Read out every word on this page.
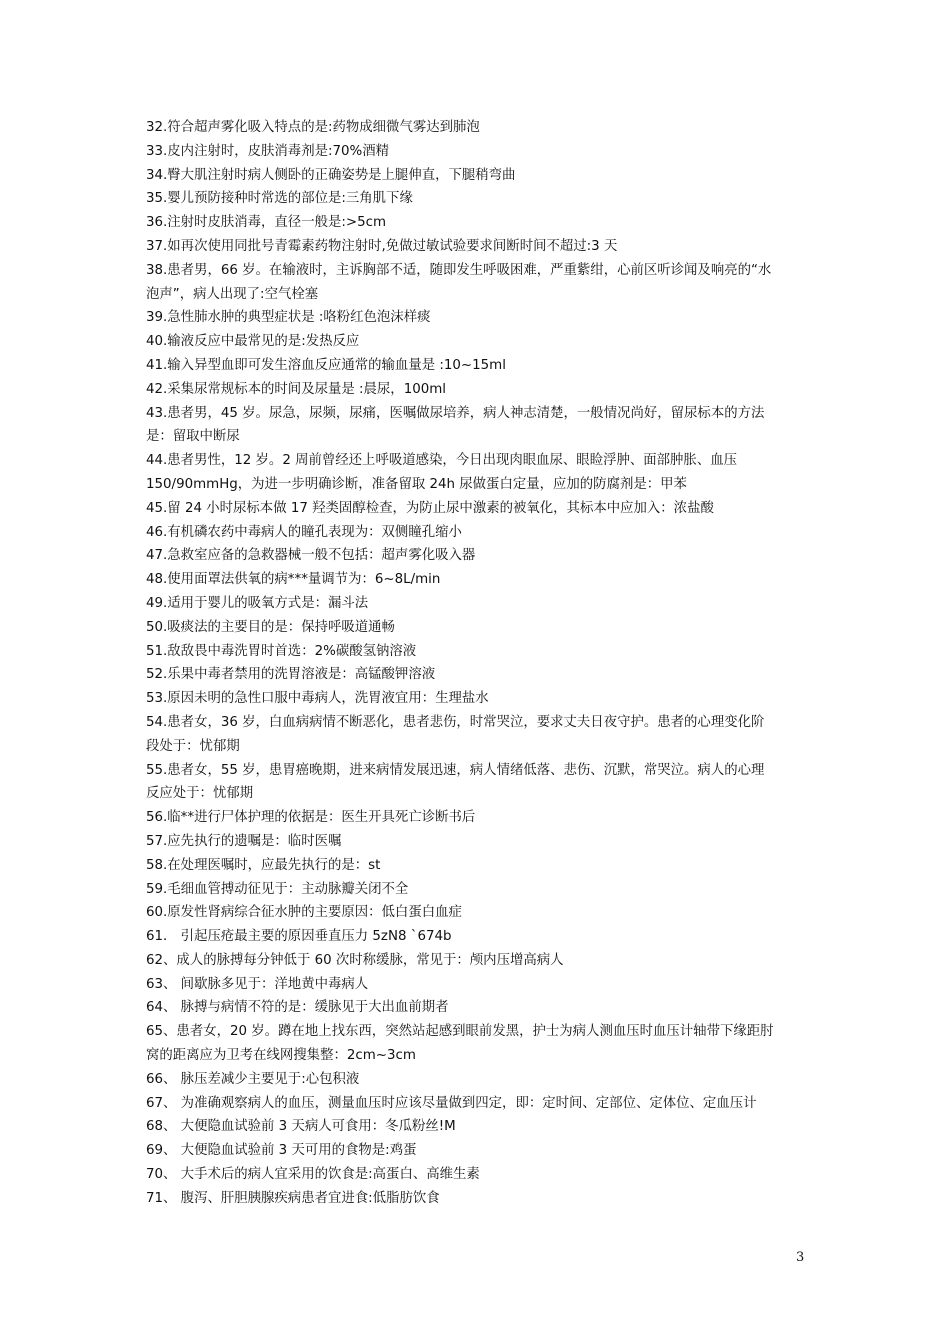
32.符合超声雾化吸入特点的是:药物成细微气雾达到肺泡

33.皮内注射时，皮肤消毒剂是:70%酒精

34.臀大肌注射时病人侧卧的正确姿势是上腿伸直，下腿稍弯曲

35.婴儿预防接种时常选的部位是:三角肌下缘

36.注射时皮肤消毒，直径一般是:>5cm

37.如再次使用同批号青霉素药物注射时,免做过敏试验要求间断时间不超过:3 天

38.患者男，66 岁。在输液时，主诉胸部不适，随即发生呼吸困难，严重紫绀，心前区听诊闻及响亮的“水

泡声”，病人出现了:空气栓塞

39.急性肺水肿的典型症状是 :咯粉红色泡沫样痰

40.输液反应中最常见的是:发热反应

41.输入异型血即可发生溶血反应通常的输血量是 :10~15ml

42.采集尿常规标本的时间及尿量是 :晨尿，100ml

43.患者男，45 岁。尿急，尿频，尿痛，医嘱做尿培养，病人神志清楚，一般情况尚好，留尿标本的方法

是：留取中断尿

44.患者男性，12 岁。2 周前曾经还上呼吸道感染，今日出现肉眼血尿、眼睑浮肿、面部肿胀、血压

150/90mmHg，为进一步明确诊断，准备留取 24h 尿做蛋白定量，应加的防腐剂是：甲苯

45.留 24 小时尿标本做 17 羟类固醇检查，为防止尿中激素的被氧化，其标本中应加入：浓盐酸

46.有机磷农药中毒病人的瞳孔表现为：双侧瞳孔缩小

47.急救室应备的急救器械一般不包括：超声雾化吸入器

48.使用面罩法供氧的病***量调节为：6~8L/min

49.适用于婴儿的吸氧方式是：漏斗法

50.吸痰法的主要目的是：保持呼吸道通畅

51.敌敌畏中毒洗胃时首选：2%碳酸氢钠溶液

52.乐果中毒者禁用的洗胃溶液是：高锰酸钾溶液

53.原因未明的急性口服中毒病人，洗胃液宜用：生理盐水

54.患者女，36 岁，白血病病情不断恶化，患者悲伤，时常哭泣，要求丈夫日夜守护。患者的心理变化阶

段处于：忧郁期

55.患者女，55 岁，患胃癌晚期，进来病情发展迅速，病人情绪低落、悲伤、沉默，常哭泣。病人的心理

反应处于：忧郁期

56.临**进行尸体护理的依据是：医生开具死亡诊断书后

57.应先执行的遗嘱是：临时医嘱

58.在处理医嘱时，应最先执行的是：st

59.毛细血管搏动征见于：主动脉瓣关闭不全

60.原发性肾病综合征水肿的主要原因：低白蛋白血症

61． 引起压疮最主要的原因垂直压力 5zN8 `674b

62、成人的脉搏每分钟低于 60 次时称缓脉，常见于：颅内压增高病人

63、 间歇脉多见于：洋地黄中毒病人

64、 脉搏与病情不符的是：缓脉见于大出血前期者

65、患者女，20 岁。蹲在地上找东西，突然站起感到眼前发黑，护士为病人测血压时血压计轴带下缘距肘

窝的距离应为卫考在线网搜集整：2cm~3cm

66、 脉压差减少主要见于:心包积液

67、 为准确观察病人的血压，测量血压时应该尽量做到四定，即：定时间、定部位、定体位、定血压计

68、 大便隐血试验前 3 天病人可食用：冬瓜粉丝!M

69、 大便隐血试验前 3 天可用的食物是:鸡蛋

70、 大手术后的病人宜采用的饮食是:高蛋白、高维生素

71、 腹泻、肝胆胰腺疾病患者宜进食:低脂肪饮食

3
